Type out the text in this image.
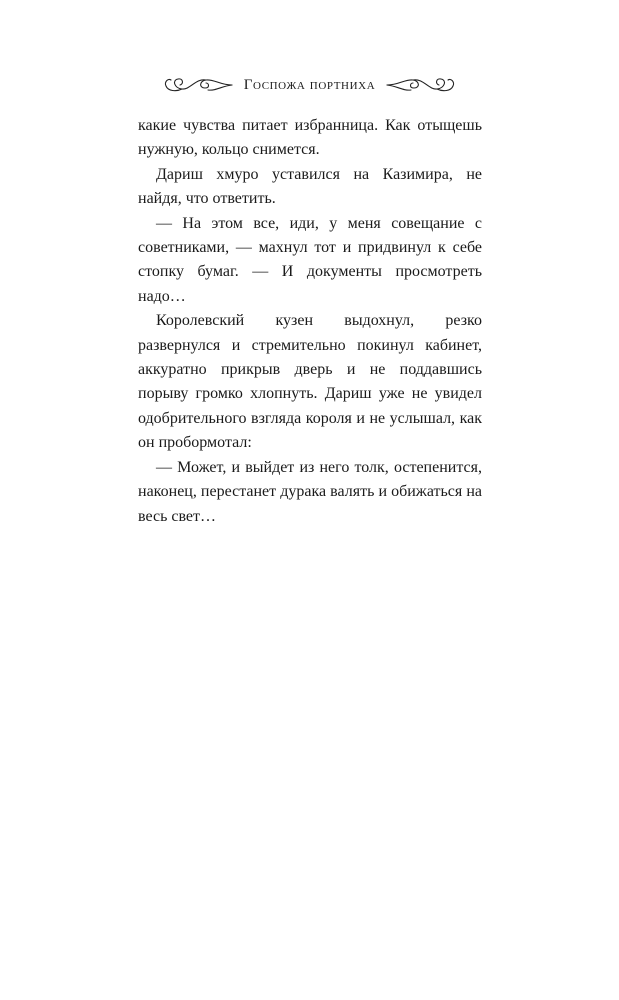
Госпожа портниха

какие чувства питает избранница. Как отыщешь нужную, кольцо снимется.

Дариш хмуро уставился на Казимира, не найдя, что ответить.

— На этом все, иди, у меня совещание с советниками, — махнул тот и придвинул к себе стопку бумаг. — И документы просмотреть надо…

Королевский кузен выдохнул, резко развернулся и стремительно покинул кабинет, аккуратно прикрыв дверь и не поддавшись порыву громко хлопнуть. Дариш уже не увидел одобрительного взгляда короля и не услышал, как он пробормотал:

— Может, и выйдет из него толк, остепенится, наконец, перестанет дурака валять и обижаться на весь свет…
